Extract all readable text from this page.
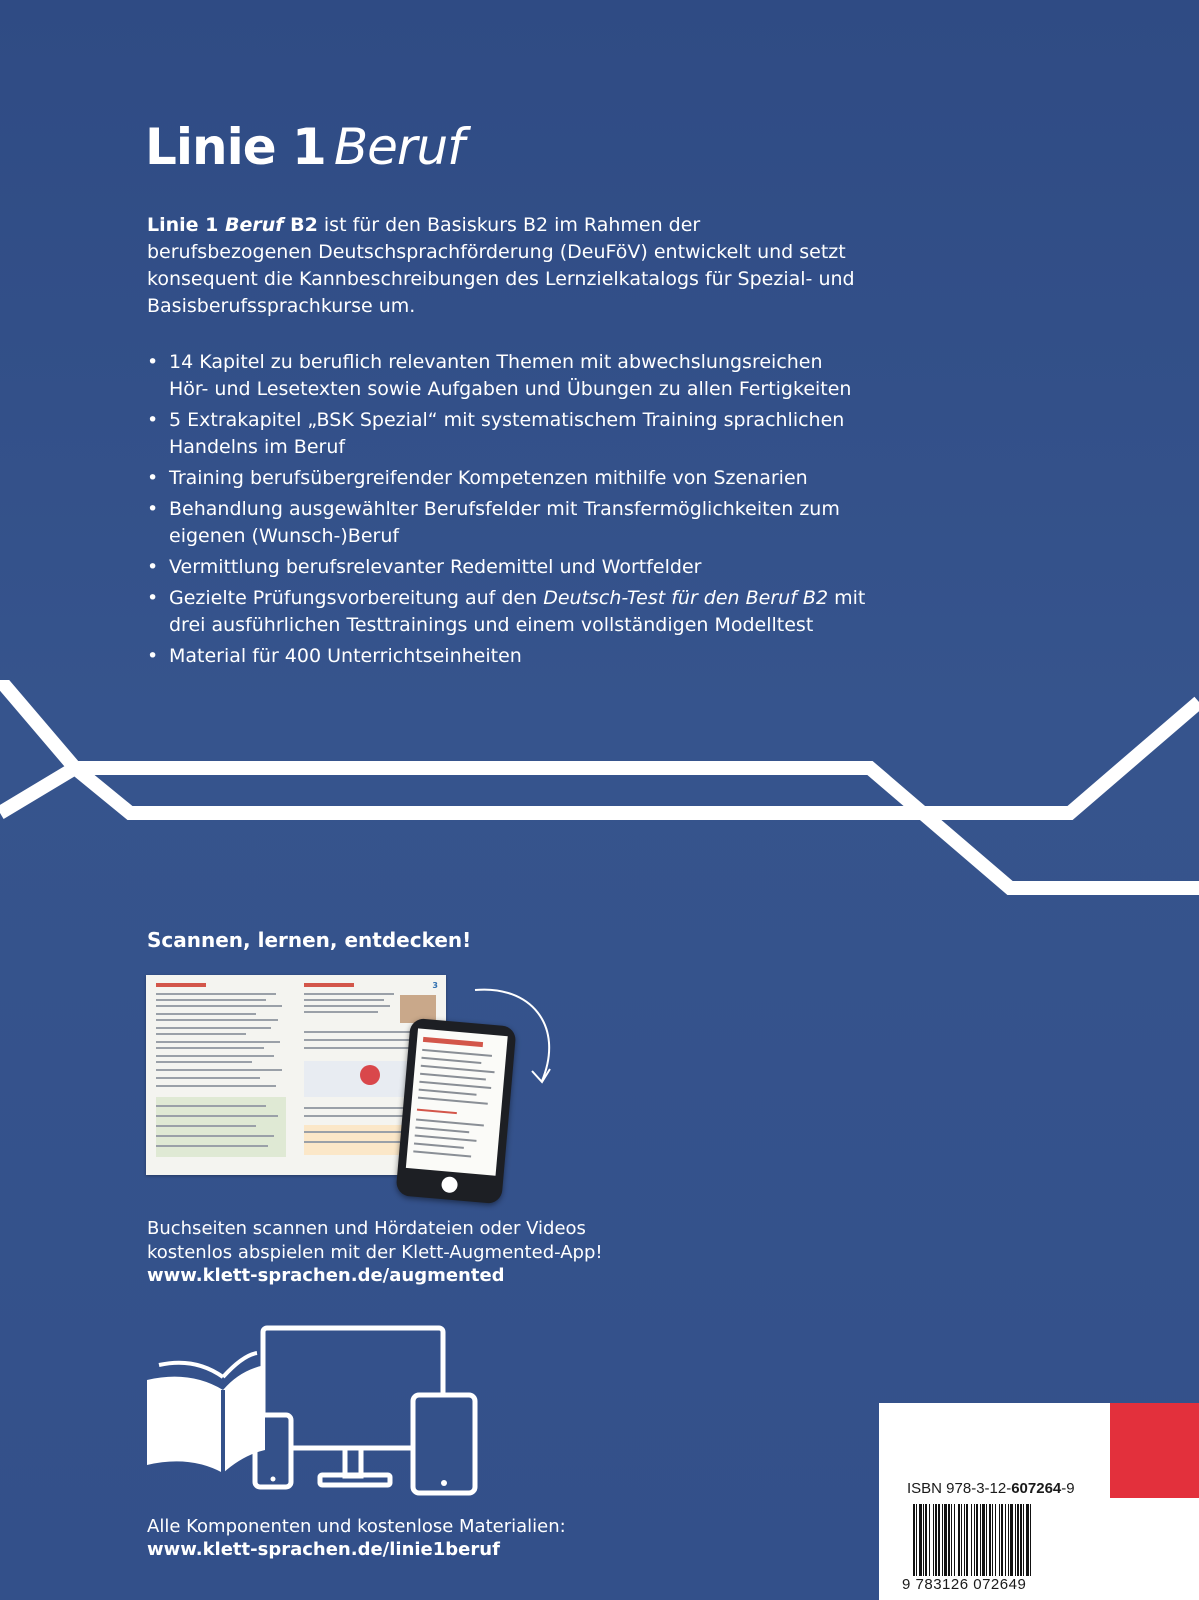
Linie 1 Beruf
Linie 1 Beruf B2 ist für den Basiskurs B2 im Rahmen der berufsbezogenen Deutschsprachförderung (DeuFöV) entwickelt und setzt konsequent die Kannbeschreibungen des Lernzielkatalogs für Spezial- und Basisberufssprachkurse um.
• 14 Kapitel zu beruflich relevanten Themen mit abwechslungsreichen Hör- und Lesetexten sowie Aufgaben und Übungen zu allen Fertigkeiten
• 5 Extrakapitel „BSK Spezial“ mit systematischem Training sprachlichen Handelns im Beruf
• Training berufsübergreifender Kompetenzen mithilfe von Szenarien
• Behandlung ausgewählter Berufsfelder mit Transfermöglichkeiten zum eigenen (Wunsch-)Beruf
• Vermittlung berufsrelevanter Redemittel und Wortfelder
• Gezielte Prüfungsvorbereitung auf den Deutsch-Test für den Beruf B2 mit drei ausführlichen Testtrainings und einem vollständigen Modelltest
• Material für 400 Unterrichtseinheiten
Scannen, lernen, entdecken!
3
Buchseiten scannen und Hördateien oder Videos
kostenlos abspielen mit der Klett-Augmented-App!
www.klett-sprachen.de/augmented
Alle Komponenten und kostenlose Materialien:
www.klett-sprachen.de/linie1beruf
ISBN 978-3-12-607264-9
9 783126 072649
